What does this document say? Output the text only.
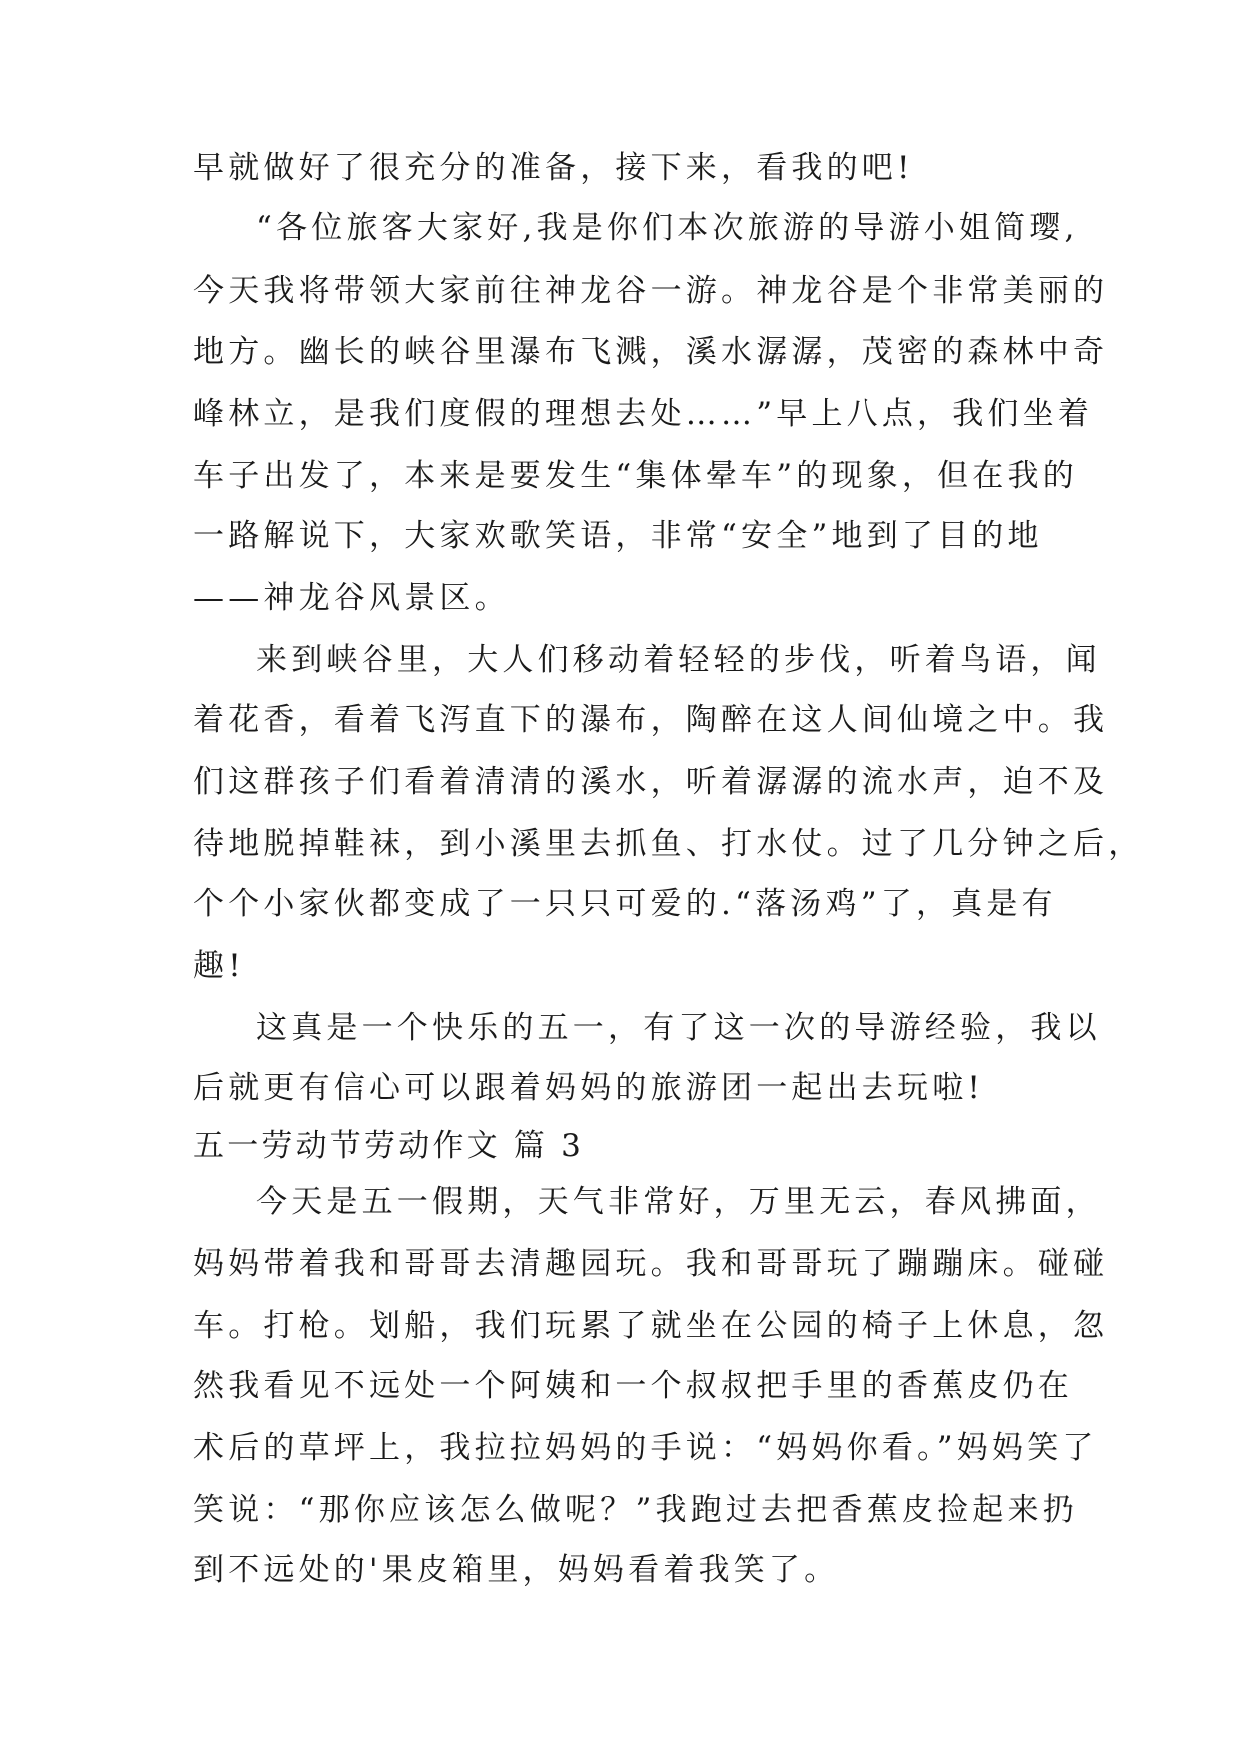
早就做好了很充分的准备，接下来，看我的吧!
“各位旅客大家好,我是你们本次旅游的导游小姐简璎,
今天我将带领大家前往神龙谷一游。神龙谷是个非常美丽的
地方。幽长的峡谷里瀑布飞溅，溪水潺潺，茂密的森林中奇
峰林立，是我们度假的理想去处……”早上八点，我们坐着
车子出发了，本来是要发生“集体晕车”的现象，但在我的
一路解说下，大家欢歌笑语，非常“安全”地到了目的地
——神龙谷风景区。
来到峡谷里，大人们移动着轻轻的步伐，听着鸟语，闻
着花香，看着飞泻直下的瀑布，陶醉在这人间仙境之中。我
们这群孩子们看着清清的溪水，听着潺潺的流水声，迫不及
待地脱掉鞋袜，到小溪里去抓鱼、打水仗。过了几分钟之后，
个个小家伙都变成了一只只可爱的.“落汤鸡”了，真是有
趣!
这真是一个快乐的五一，有了这一次的导游经验，我以
后就更有信心可以跟着妈妈的旅游团一起出去玩啦!
五一劳动节劳动作文 篇 3
今天是五一假期，天气非常好，万里无云，春风拂面，
妈妈带着我和哥哥去清趣园玩。我和哥哥玩了蹦蹦床。碰碰
车。打枪。划船，我们玩累了就坐在公园的椅子上休息，忽
然我看见不远处一个阿姨和一个叔叔把手里的香蕉皮仍在
术后的草坪上，我拉拉妈妈的手说：“妈妈你看。”妈妈笑了
笑说：“那你应该怎么做呢？”我跑过去把香蕉皮捡起来扔
到不远处的'果皮箱里，妈妈看着我笑了。
